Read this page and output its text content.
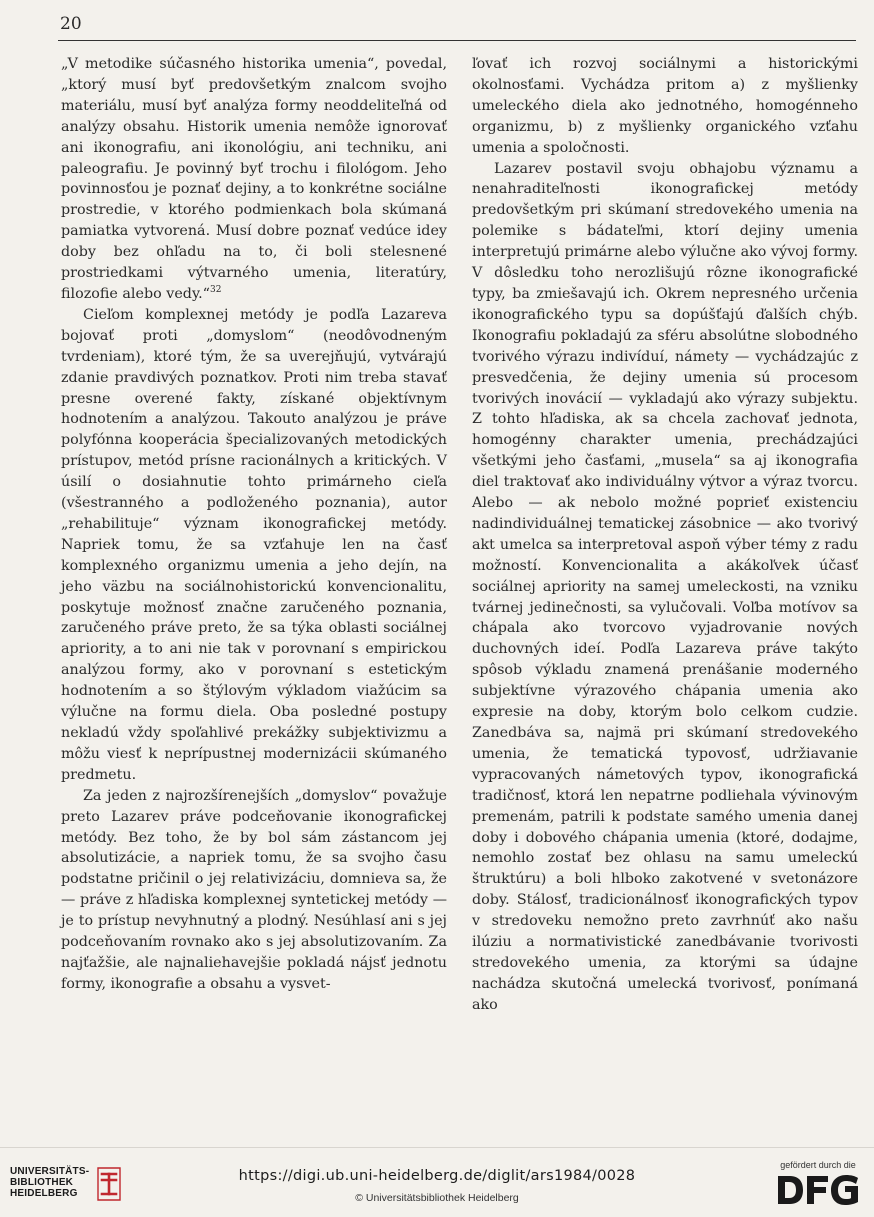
20

„V metodike súčasného historika umenia“, povedal, „ktorý musí byť predovšetkým znalcom svojho materiálu, musí byť analýza formy neoddeliteľná od analýzy obsahu. Historik umenia nemôže ignorovať ani ikonografiu, ani ikonológiu, ani techniku, ani paleografiu. Je povinný byť trochu i filológom. Jeho povinnosťou je poznať dejiny, a to konkrétne sociálne prostredie, v ktorého podmienkach bola skúmaná pamiatka vytvorená. Musí dobre poznať vedúce idey doby bez ohľadu na to, či boli stelesnené prostriedkami výtvarného umenia, literatúry, filozofie alebo vedy.“$^{32}$

Cieľom komplexnej metódy je podľa Lazareva bojovať proti „domyslom“ (neodôvodneným tvrdeniam), ktoré tým, že sa uverejňujú, vytvárajú zdanie pravdivých poznatkov. Proti nim treba stavať presne overené fakty, získané objektívnym hodnotením a analýzou. Takouto analýzou je práve polyfónna kooperácia špecializovaných metodických prístupov, metód prísne racionálnych a kritických. V úsilí o dosiahnutie tohto primárneho cieľa (všestranného a podloženého poznania), autor „rehabilituje“ význam ikonografickej metódy. Napriek tomu, že sa vzťahuje len na časť komplexného organizmu umenia a jeho dejín, na jeho väzbu na sociálnohistorickú konvencionalitu, poskytuje možnosť značne zaručeného poznania, zaručeného práve preto, že sa týka oblasti sociálnej apriority, a to ani nie tak v porovnaní s empirickou analýzou formy, ako v porovnaní s estetickým hodnotením a so štýlovým výkladom viažúcim sa výlučne na formu diela. Oba posledné postupy nekladú vždy spoľahlivé prekážky subjektivizmu a môžu viesť k neprípustnej modernizácii skúmaného predmetu.

Za jeden z najrozšírenejších „domyslov“ považuje preto Lazarev práve podceňovanie ikonografickej metódy. Bez toho, že by bol sám zástancom jej absolutizácie, a napriek tomu, že sa svojho času podstatne pričinil o jej relativizáciu, domnieva sa, že — práve z hľadiska komplexnej syntetickej metódy — je to prístup nevyhnutný a plodný. Nesúhlasí ani s jej podceňovaním rovnako ako s jej absolutizovaním. Za najťažšie, ale najnaliehavejšie pokladá nájsť jednotu formy, ikonografie a obsahu a vysvet-

ľovať ich rozvoj sociálnymi a historickými okolnosťami. Vychádza pritom a) z myšlienky umeleckého diela ako jednotného, homogénneho organizmu, b) z myšlienky organického vzťahu umenia a spoločnosti.

Lazarev postavil svoju obhajobu významu a nenahraditeľnosti ikonografickej metódy predovšetkým pri skúmaní stredovekého umenia na polemike s bádateľmi, ktorí dejiny umenia interpretujú primárne alebo výlučne ako vývoj formy. V dôsledku toho nerozlišujú rôzne ikonografické typy, ba zmiešavajú ich. Okrem nepresného určenia ikonografického typu sa dopúšťajú ďalších chýb. Ikonografiu pokladajú za sféru absolútne slobodného tvorivého výrazu indivíduí, námety — vychádzajúc z presvedčenia, že dejiny umenia sú procesom tvorivých inovácií — vykladajú ako výrazy subjektu. Z tohto hľadiska, ak sa chcela zachovať jednota, homogénny charakter umenia, prechádzajúci všetkými jeho časťami, „musela“ sa aj ikonografia diel traktovať ako individuálny výtvor a výraz tvorcu. Alebo — ak nebolo možné poprieť existenciu nadindividuálnej tematickej zásobnice — ako tvorivý akt umelca sa interpretoval aspoň výber témy z radu možností. Konvencionalita a akákoľvek účasť sociálnej apriority na samej umeleckosti, na vzniku tvárnej jedinečnosti, sa vylučovali. Voľba motívov sa chápala ako tvorcovo vyjadrovanie nových duchovných ideí. Podľa Lazareva práve takýto spôsob výkladu znamená prenášanie moderného subjektívne výrazového chápania umenia ako expresie na doby, ktorým bolo celkom cudzie. Zanedbáva sa, najmä pri skúmaní stredovekého umenia, že tematická typovosť, udržiavanie vypracovaných námetových typov, ikonografická tradičnosť, ktorá len nepatrne podliehala vývinovým premenám, patrili k podstate samého umenia danej doby i dobového chápania umenia (ktoré, dodajme, nemohlo zostať bez ohlasu na samu umeleckú štruktúru) a boli hlboko zakotvené v svetonázore doby. Stálosť, tradicionálnosť ikonografických typov v stredoveku nemožno preto zavrhnúť ako našu ilúziu a normativistické zanedbávanie tvorivosti stredovekého umenia, za ktorými sa údajne nachádza skutočná umelecká tvorivosť, ponímaná ako

UNIVERSITÄTS-
BIBLIOTHEK
HEIDELBERG
https://digi.ub.uni-heidelberg.de/diglit/ars1984/0028
© Universitätsbibliothek Heidelberg
gefördert durch die
